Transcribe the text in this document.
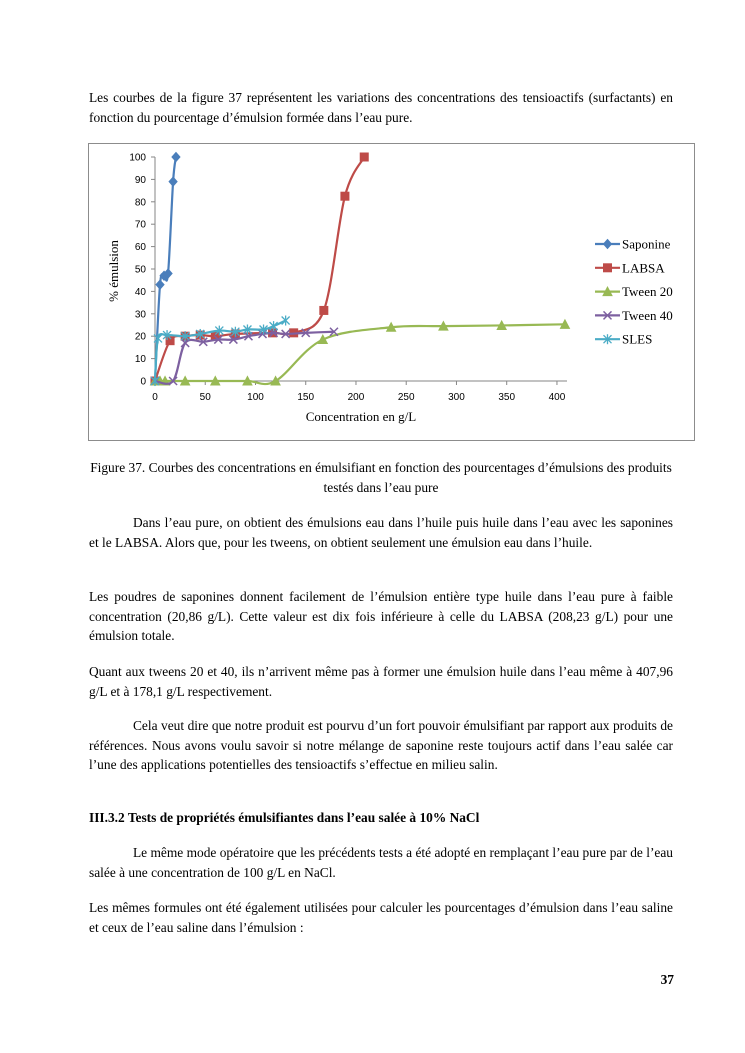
Les courbes de la figure 37 représentent les variations des concentrations des tensioactifs (surfactants) en fonction du pourcentage d’émulsion formée dans l’eau pure.

0
10
20
30
40
50
60
70
80
90
100
0	50	100	150	200	250	300	350	400
Saponine
LABSA
Tween 20
Tween 40
SLES
Concentration en g/L
% émulsion

Figure 37. Courbes des concentrations en émulsifiant en fonction des pourcentages d’émulsions des produits testés dans l’eau pure

Dans l’eau pure, on obtient des émulsions eau dans l’huile puis huile dans l’eau avec les saponines et le LABSA. Alors que, pour les tweens, on obtient seulement une émulsion eau dans l’huile.

Les poudres de saponines donnent facilement de l’émulsion entière type huile dans l’eau pure à faible concentration (20,86 g/L). Cette valeur est dix fois inférieure à celle du LABSA (208,23 g/L) pour une émulsion totale.

Quant aux tweens 20 et 40, ils n’arrivent même pas à former une émulsion huile dans l’eau même à 407,96 g/L et à 178,1 g/L respectivement.

Cela veut dire que notre produit est pourvu d’un fort pouvoir émulsifiant par rapport aux produits de références. Nous avons voulu savoir si notre mélange de saponine reste toujours actif dans l’eau salée car l’une des applications potentielles des tensioactifs s’effectue en milieu salin.

III.3.2 Tests de propriétés émulsifiantes dans l’eau salée à 10% NaCl

Le même mode opératoire que les précédents tests a été adopté en remplaçant l’eau pure par de l’eau salée à une concentration de 100 g/L en NaCl.

Les mêmes formules ont été également utilisées pour calculer les pourcentages d’émulsion dans l’eau saline et ceux de l’eau saline dans l’émulsion :

37
